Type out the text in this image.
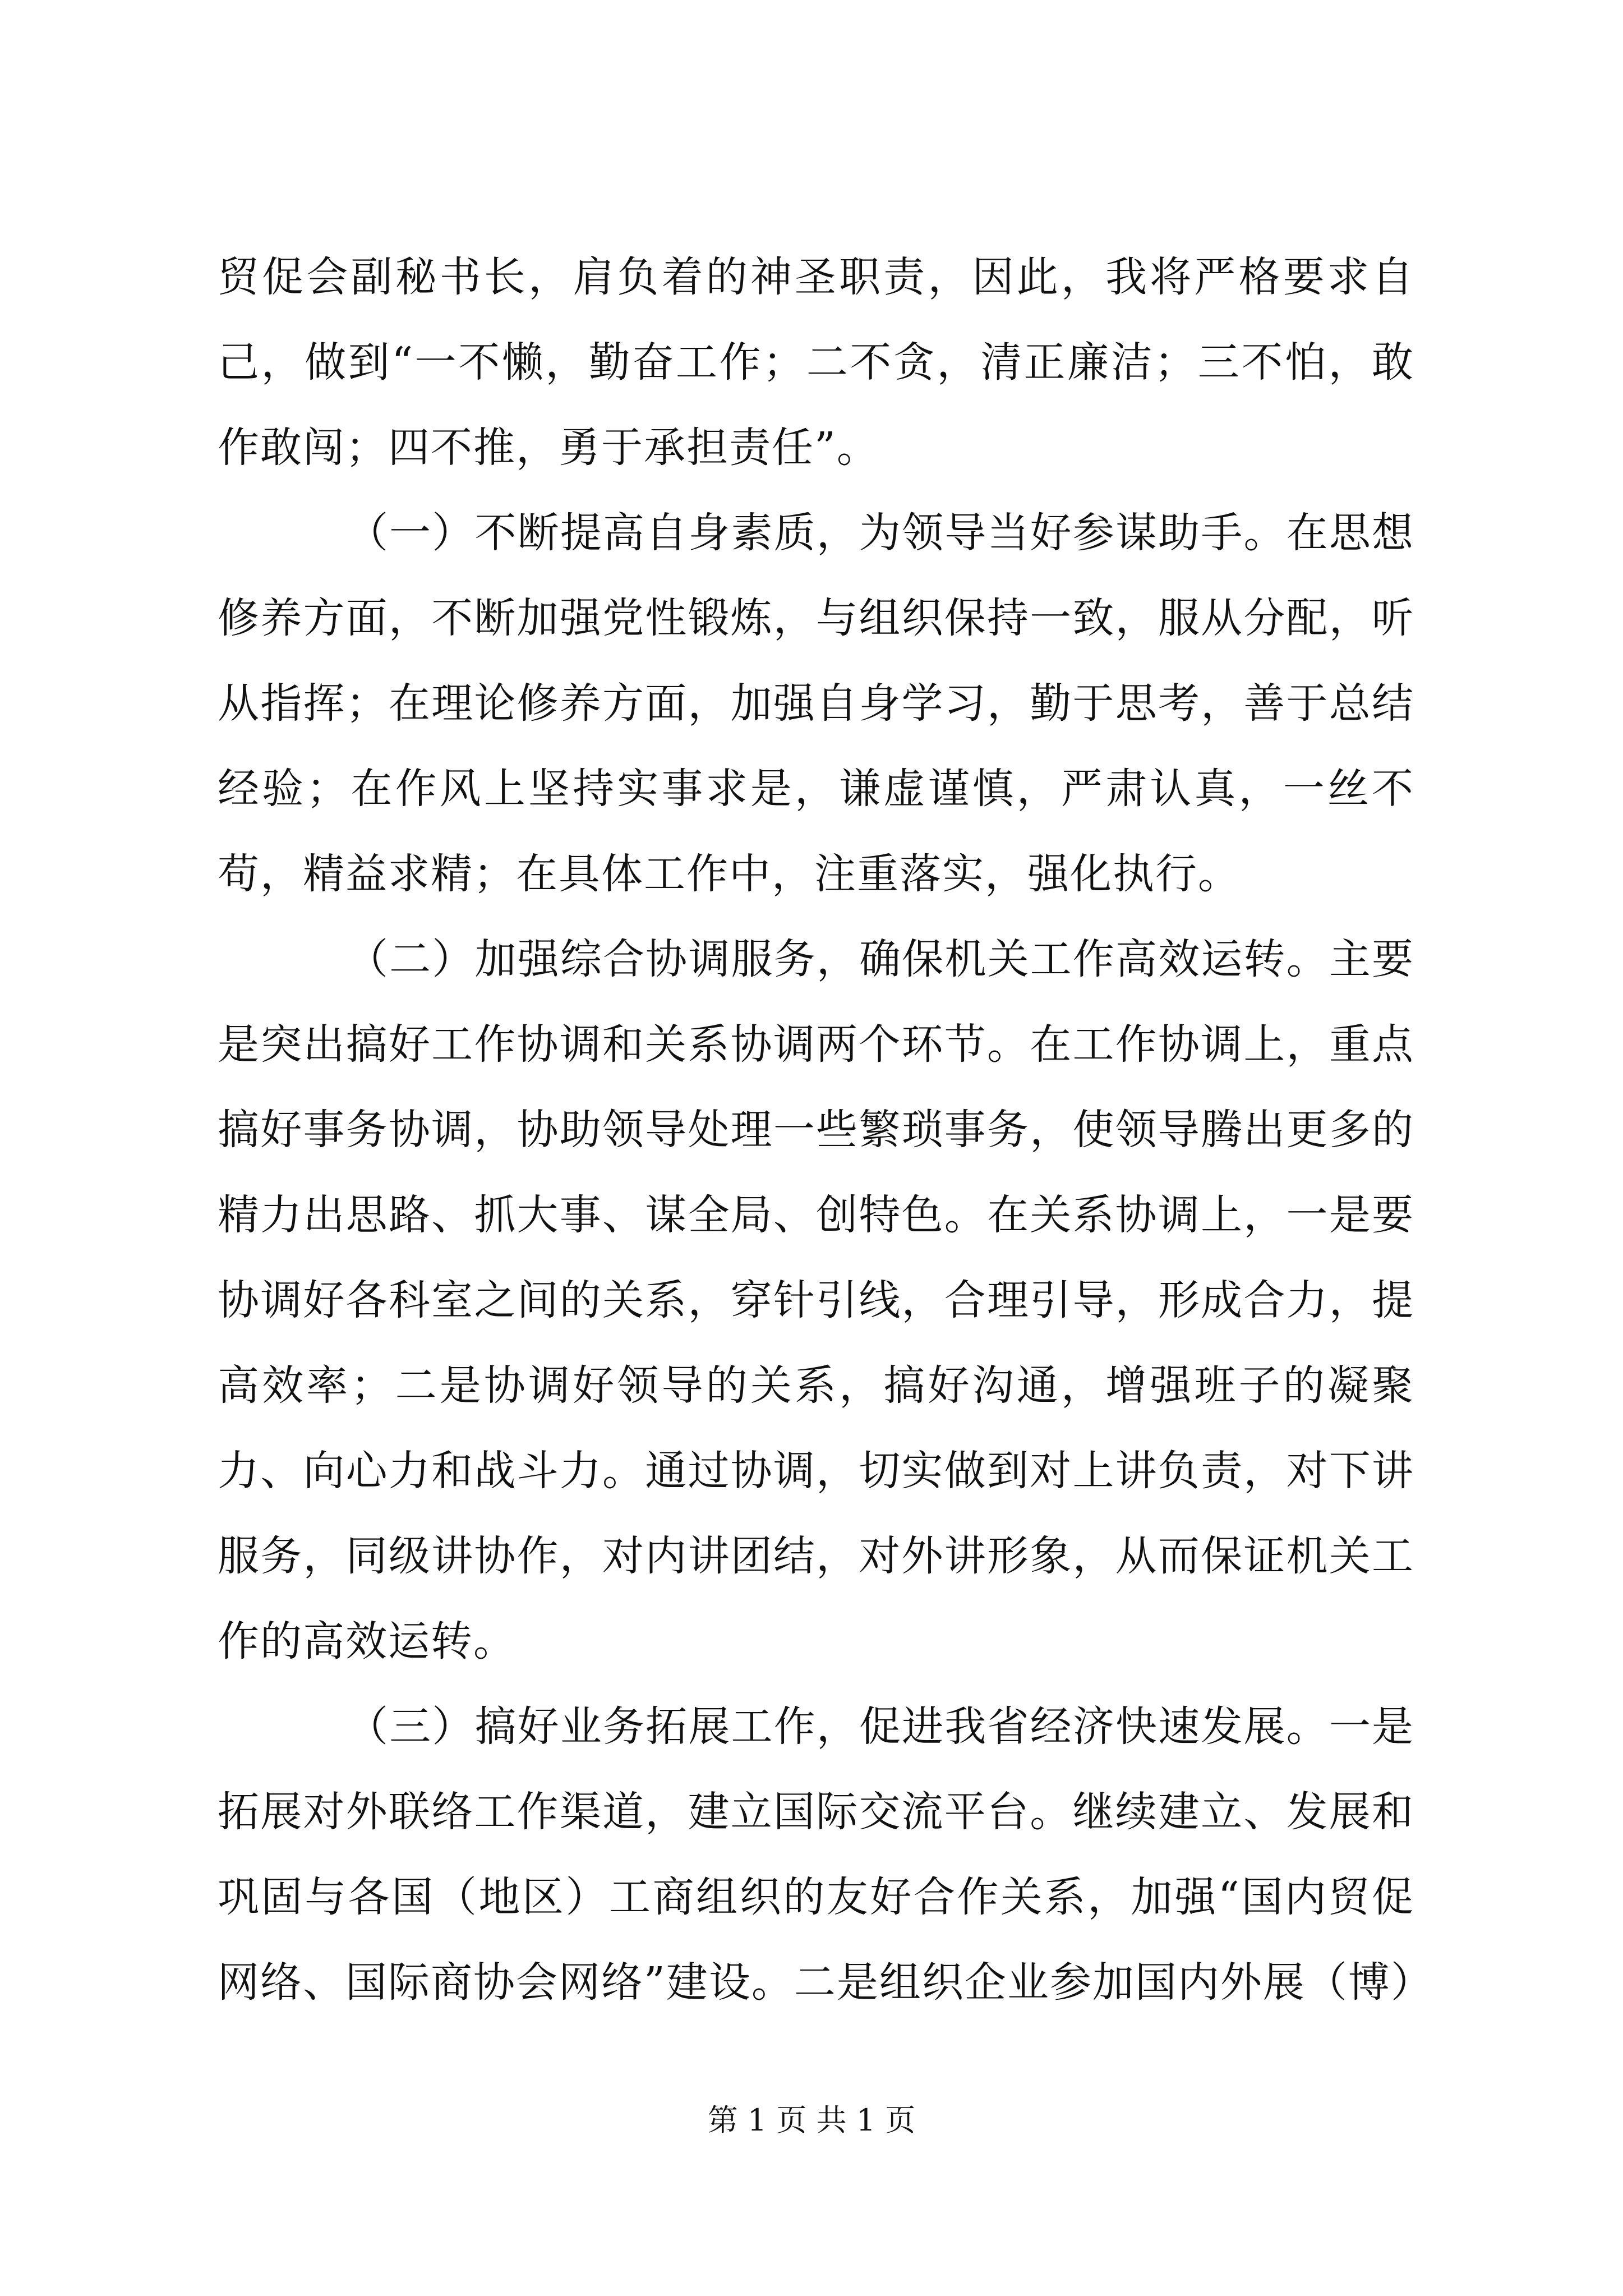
贸促会副秘书长，肩负着的神圣职责，因此，我将严格要求自己，做到“一不懒，勤奋工作；二不贪，清正廉洁；三不怕，敢作敢闯；四不推，勇于承担责任”。

（一）不断提高自身素质，为领导当好参谋助手。在思想修养方面，不断加强党性锻炼，与组织保持一致，服从分配，听从指挥；在理论修养方面，加强自身学习，勤于思考，善于总结经验；在作风上坚持实事求是，谦虚谨慎，严肃认真，一丝不苟，精益求精；在具体工作中，注重落实，强化执行。

（二）加强综合协调服务，确保机关工作高效运转。主要是突出搞好工作协调和关系协调两个环节。在工作协调上，重点搞好事务协调，协助领导处理一些繁琐事务，使领导腾出更多的精力出思路、抓大事、谋全局、创特色。在关系协调上，一是要协调好各科室之间的关系，穿针引线，合理引导，形成合力，提高效率；二是协调好领导的关系，搞好沟通，增强班子的凝聚力、向心力和战斗力。通过协调，切实做到对上讲负责，对下讲服务，同级讲协作，对内讲团结，对外讲形象，从而保证机关工作的高效运转。

（三）搞好业务拓展工作，促进我省经济快速发展。一是拓展对外联络工作渠道，建立国际交流平台。继续建立、发展和巩固与各国（地区）工商组织的友好合作关系，加强“国内贸促网络、国际商协会网络”建设。二是组织企业参加国内外展（博）

第 1 页 共 1 页
